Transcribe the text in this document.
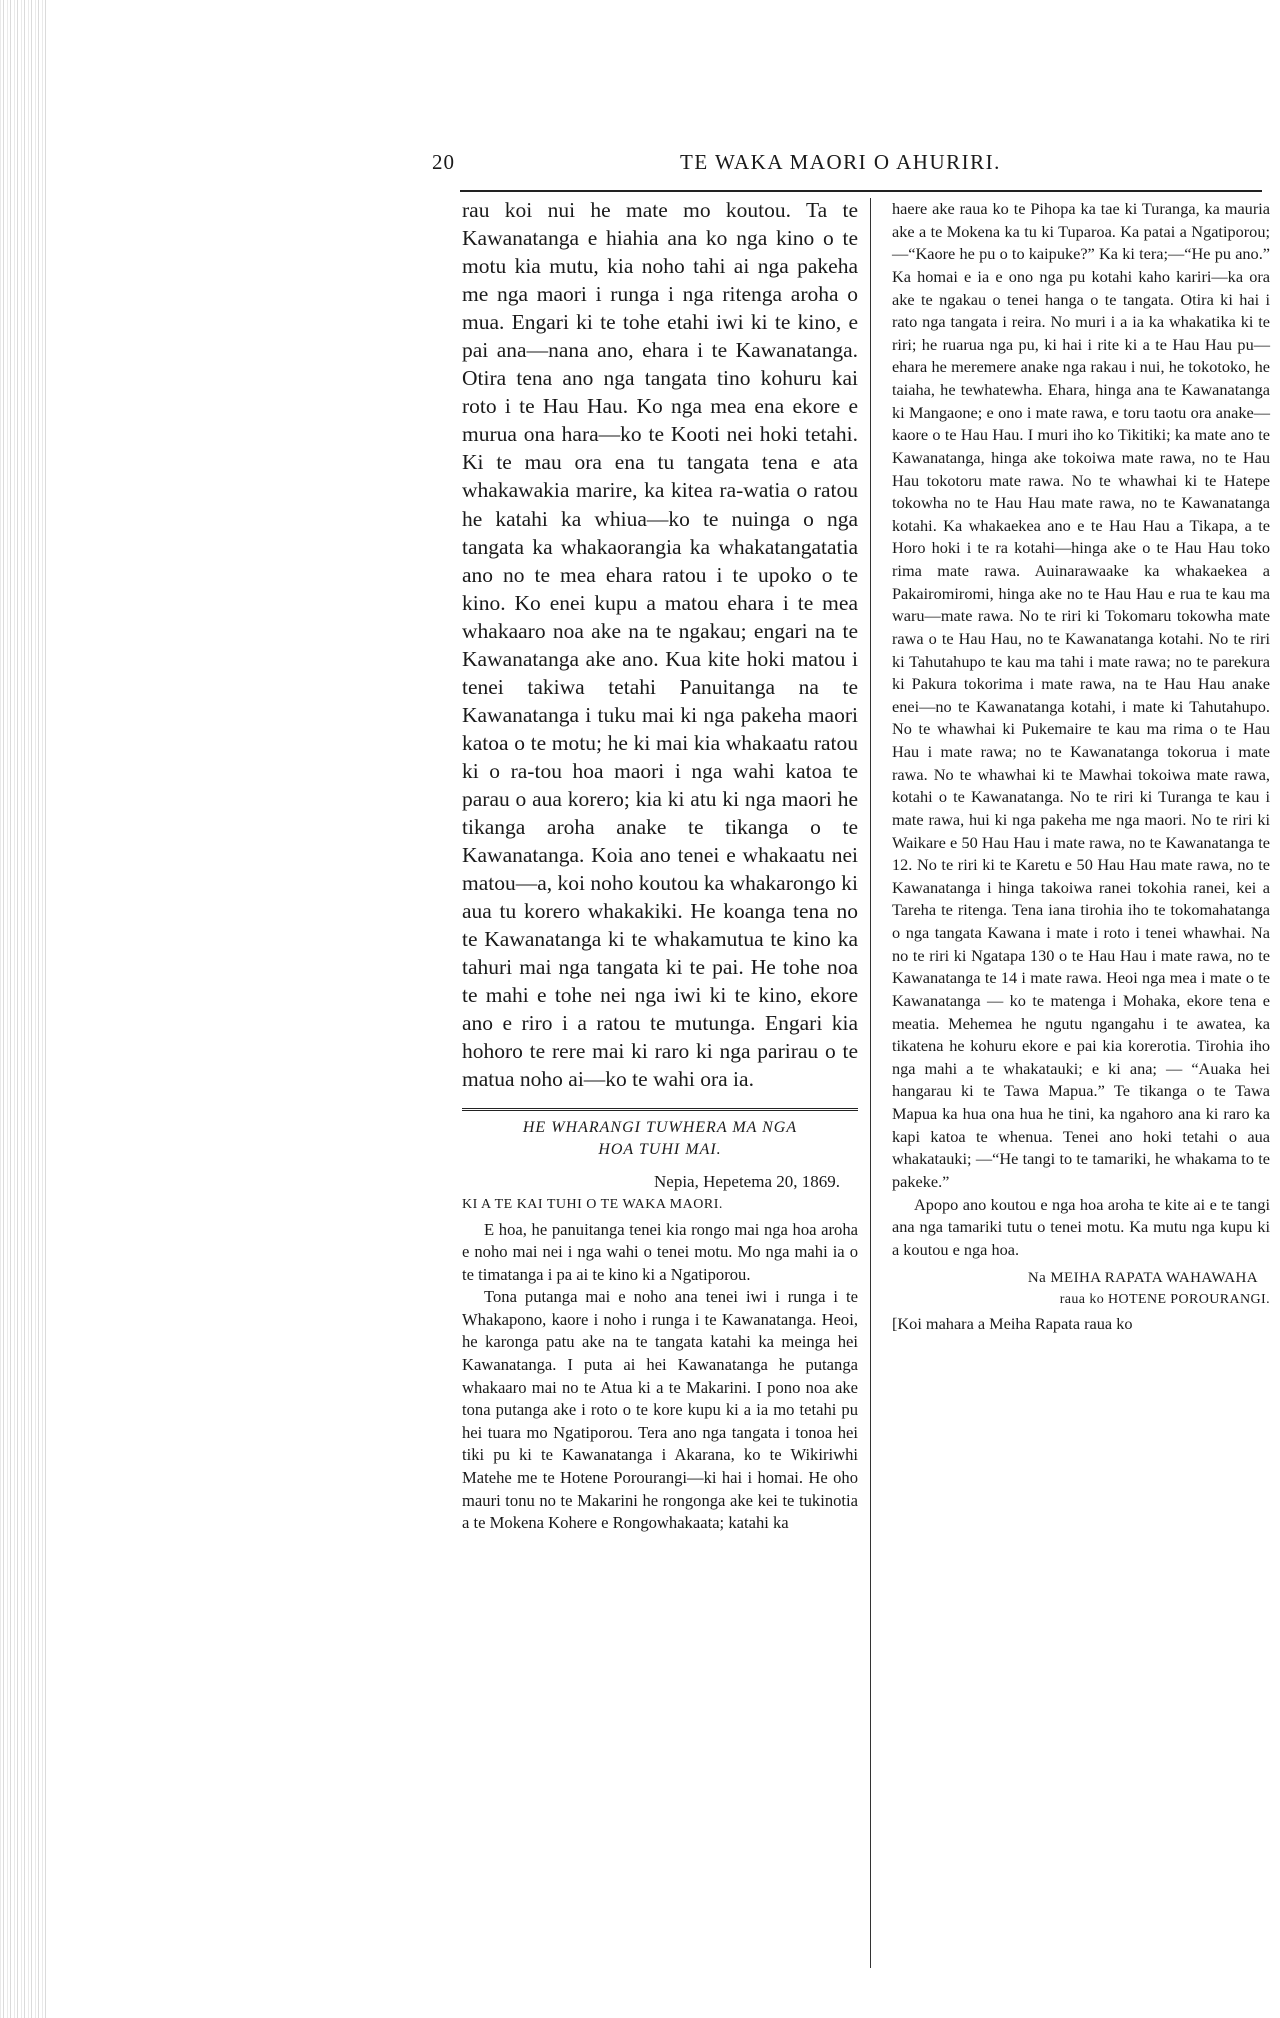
20	TE WAKA MAORI O AHURIRI.

rau koi nui he mate mo koutou. Ta te Kawanatanga e hiahia ana ko nga kino o te motu kia mutu, kia noho tahi ai nga pakeha me nga maori i runga i nga ritenga aroha o mua. Engari ki te tohe etahi iwi ki te kino, e pai ana—nana ano, ehara i te Kawanatanga. Otira tena ano nga tangata tino kohuru kai roto i te Hau Hau. Ko nga mea ena ekore e murua ona hara—ko te Kooti nei hoki tetahi. Ki te mau ora ena tu tangata tena e ata whakawakia marire, ka kitea ra-watia o ratou he katahi ka whiua—ko te nuinga o nga tangata ka whakaorangia ka whakatangatatia ano no te mea ehara ratou i te upoko o te kino. Ko enei kupu a matou ehara i te mea whakaaro noa ake na te ngakau; engari na te Kawanatanga ake ano. Kua kite hoki matou i tenei takiwa tetahi Panuitanga na te Kawanatanga i tuku mai ki nga pakeha maori katoa o te motu; he ki mai kia whakaatu ratou ki o ra-tou hoa maori i nga wahi katoa te parau o aua korero; kia ki atu ki nga maori he tikanga aroha anake te tikanga o te Kawanatanga. Koia ano tenei e whakaatu nei matou—a, koi noho koutou ka whakarongo ki aua tu korero whakakiki. He koanga tena no te Kawanatanga ki te whakamutua te kino ka tahuri mai nga tangata ki te pai. He tohe noa te mahi e tohe nei nga iwi ki te kino, ekore ano e riro i a ratou te mutunga. Engari kia hohoro te rere mai ki raro ki nga parirau o te matua noho ai—ko te wahi ora ia.

HE WHARANGI TUWHERA MA NGA

HOA TUHI MAI.

Nepia, Hepetema 20, 1869.

KI A TE KAI TUHI O TE WAKA MAORI.

E hoa, he panuitanga tenei kia rongo mai nga hoa aroha e noho mai nei i nga wahi o tenei motu. Mo nga mahi ia o te timatanga i pa ai te kino ki a Ngatiporou.

Tona putanga mai e noho ana tenei iwi i runga i te Whakapono, kaore i noho i runga i te Kawanatanga. Heoi, he karonga patu ake na te tangata katahi ka meinga hei Kawanatanga. I puta ai hei Kawanatanga he putanga whakaaro mai no te Atua ki a te Makarini. I pono noa ake tona putanga ake i roto o te kore kupu ki a ia mo tetahi pu hei tuara mo Ngatiporou. Tera ano nga tangata i tonoa hei tiki pu ki te Kawanatanga i Akarana, ko te Wikiriwhi Matehe me te Hotene Porourangi—ki hai i homai. He oho mauri tonu no te Makarini he rongonga ake kei te tukinotia a te Mokena Kohere e Rongowhakaata; katahi ka

haere ake raua ko te Pihopa ka tae ki Turanga, ka mauria ake a te Mokena ka tu ki Tuparoa. Ka patai a Ngatiporou;—“Kaore he pu o to kaipuke?” Ka ki tera;—“He pu ano.” Ka homai e ia e ono nga pu kotahi kaho kariri—ka ora ake te ngakau o tenei hanga o te tangata. Otira ki hai i rato nga tangata i reira. No muri i a ia ka whakatika ki te riri; he ruarua nga pu, ki hai i rite ki a te Hau Hau pu—ehara he meremere anake nga rakau i nui, he tokotoko, he taiaha, he tewhatewha. Ehara, hinga ana te Kawanatanga ki Mangaone; e ono i mate rawa, e toru taotu ora anake—kaore o te Hau Hau. I muri iho ko Tikitiki; ka mate ano te Kawanatanga, hinga ake tokoiwa mate rawa, no te Hau Hau tokotoru mate rawa. No te whawhai ki te Hatepe tokowha no te Hau Hau mate rawa, no te Kawanatanga kotahi. Ka whakaekea ano e te Hau Hau a Tikapa, a te Horo hoki i te ra kotahi—hinga ake o te Hau Hau toko rima mate rawa. Auinarawaake ka whakaekea a Pakairomiromi, hinga ake no te Hau Hau e rua te kau ma waru—mate rawa. No te riri ki Tokomaru tokowha mate rawa o te Hau Hau, no te Kawanatanga kotahi. No te riri ki Tahutahupo te kau ma tahi i mate rawa; no te parekura ki Pakura tokorima i mate rawa, na te Hau Hau anake enei—no te Kawanatanga kotahi, i mate ki Tahutahupo. No te whawhai ki Pukemaire te kau ma rima o te Hau Hau i mate rawa; no te Kawanatanga tokorua i mate rawa. No te whawhai ki te Mawhai tokoiwa mate rawa, kotahi o te Kawanatanga. No te riri ki Turanga te kau i mate rawa, hui ki nga pakeha me nga maori. No te riri ki Waikare e 50 Hau Hau i mate rawa, no te Kawanatanga te 12. No te riri ki te Karetu e 50 Hau Hau mate rawa, no te Kawanatanga i hinga takoiwa ranei tokohia ranei, kei a Tareha te ritenga. Tena iana tirohia iho te tokomahatanga o nga tangata Kawana i mate i roto i tenei whawhai. Na no te riri ki Ngatapa 130 o te Hau Hau i mate rawa, no te Kawanatanga te 14 i mate rawa. Heoi nga mea i mate o te Kawanatanga — ko te matenga i Mohaka, ekore tena e meatia. Mehemea he ngutu ngangahu i te awatea, ka tikatena he kohuru ekore e pai kia korerotia. Tirohia iho nga mahi a te whakatauki; e ki ana; — “Auaka hei hangarau ki te Tawa Mapua.” Te tikanga o te Tawa Mapua ka hua ona hua he tini, ka ngahoro ana ki raro ka kapi katoa te whenua. Tenei ano hoki tetahi o aua whakatauki; —“He tangi to te tamariki, he whakama to te pakeke.”

Apopo ano koutou e nga hoa aroha te kite ai e te tangi ana nga tamariki tutu o tenei motu. Ka mutu nga kupu ki a koutou e nga hoa.

Na MEIHA RAPATA WAHAWAHA

raua ko HOTENE POROURANGI.

[Koi mahara a Meiha Rapata raua ko
